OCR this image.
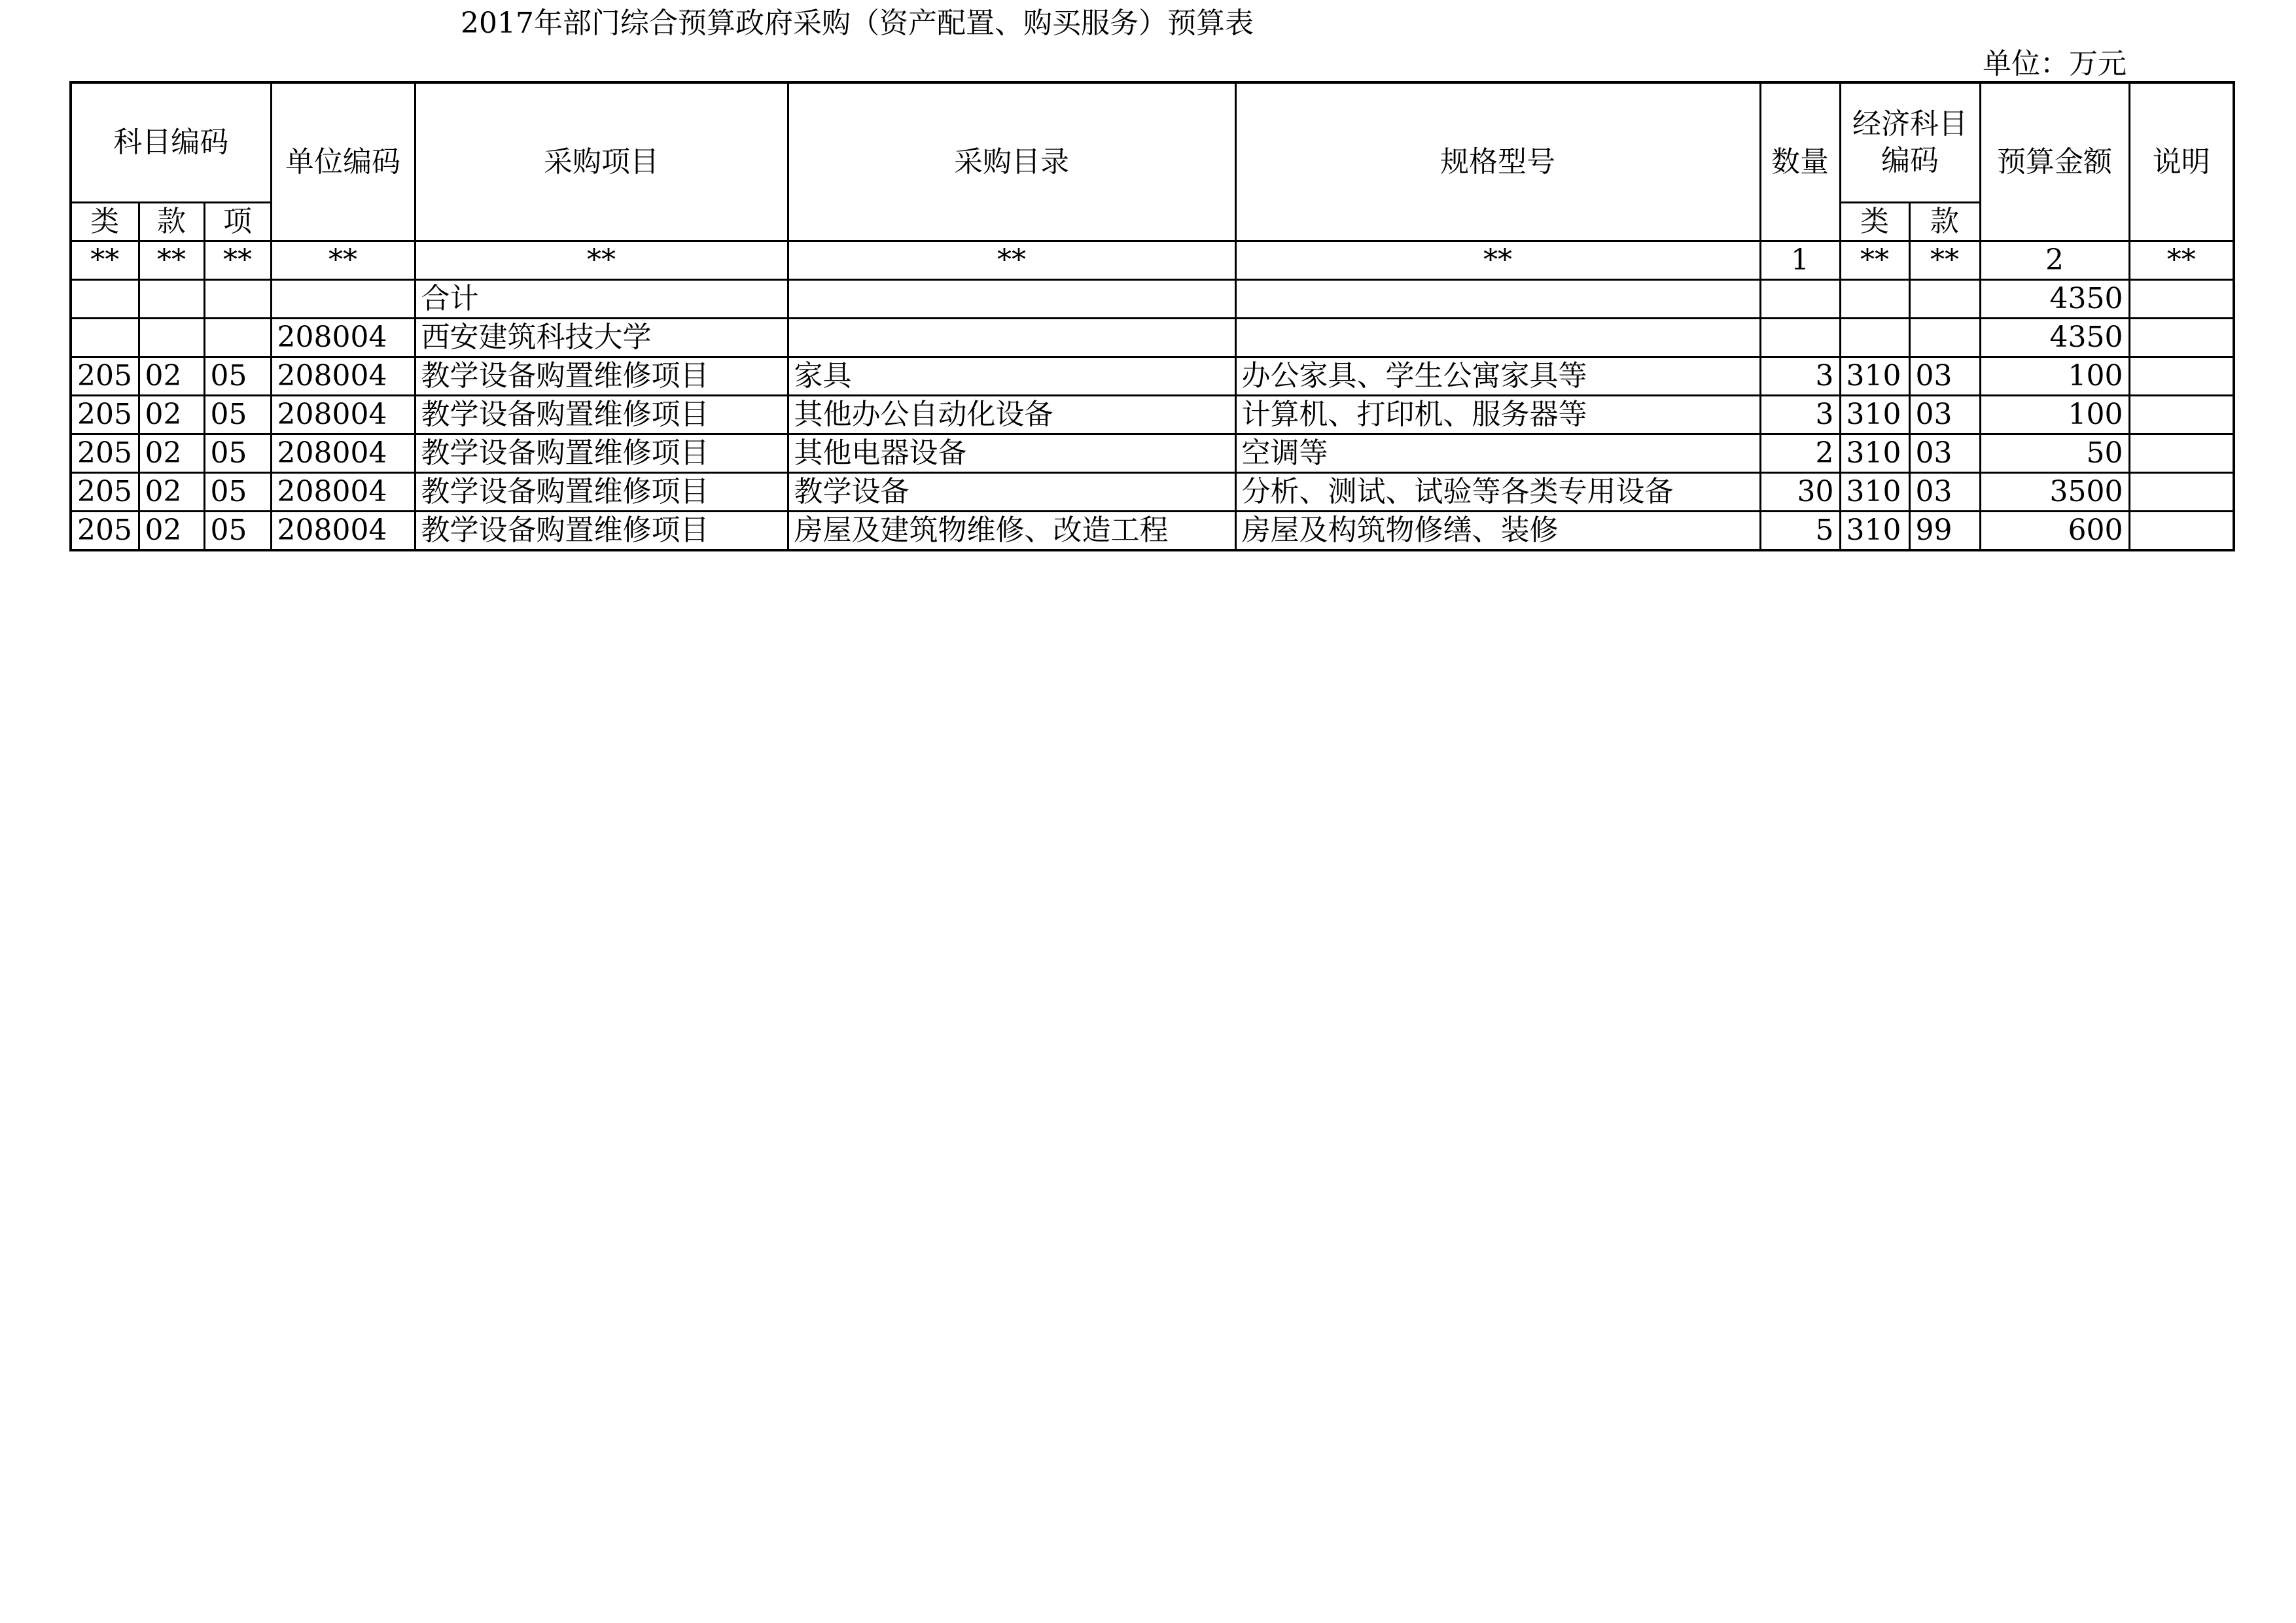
2017年部门综合预算政府采购（资产配置、购买服务）预算表
单位：万元
科目编码			单位编码	采购项目	采购目录	规格型号	数量	经济科目编码		预算金额	说明
类	款	项						类	款		
**	**	**	**	**	**	**	1	**	**	2	**
				合计						4350	
			208004	西安建筑科技大学						4350	
205	02	05	208004	教学设备购置维修项目	家具	办公家具、学生公寓家具等	3	310	03	100	
205	02	05	208004	教学设备购置维修项目	其他办公自动化设备	计算机、打印机、服务器等	3	310	03	100	
205	02	05	208004	教学设备购置维修项目	其他电器设备	空调等	2	310	03	50	
205	02	05	208004	教学设备购置维修项目	教学设备	分析、测试、试验等各类专用设备	30	310	03	3500	
205	02	05	208004	教学设备购置维修项目	房屋及建筑物维修、改造工程	房屋及构筑物修缮、装修	5	310	99	600	
